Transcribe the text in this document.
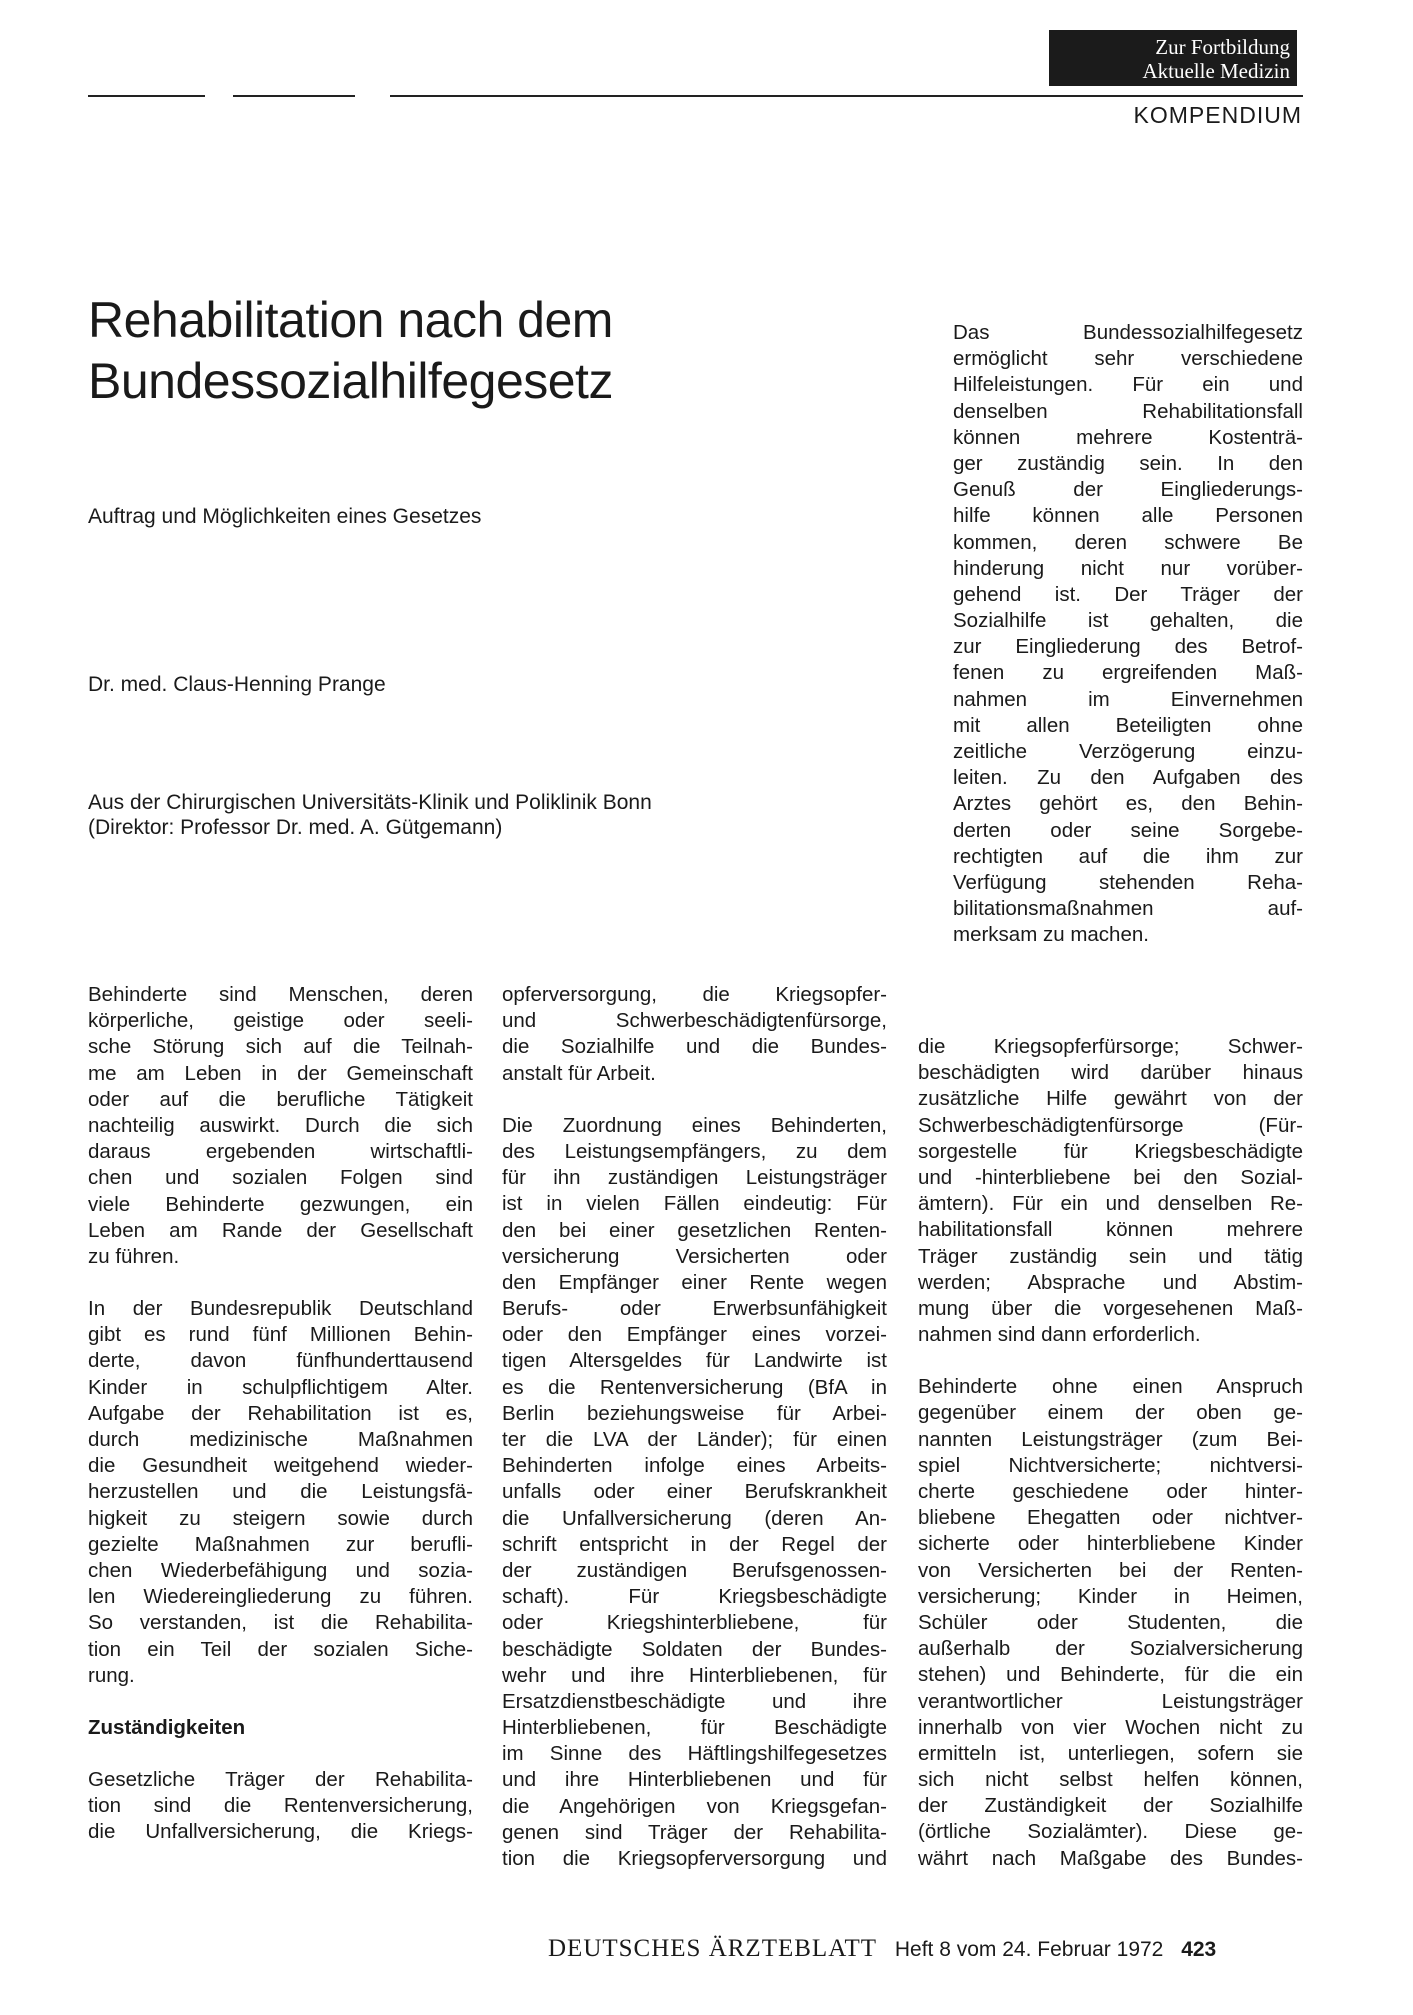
Zur Fortbildung
Aktuelle Medizin
KOMPENDIUM
Rehabilitation nach dem
Bundessozialhilfegesetz
Auftrag und Möglichkeiten eines Gesetzes
Dr. med. Claus-Henning Prange
Aus der Chirurgischen Universitäts-Klinik und Poliklinik Bonn
(Direktor: Professor Dr. med. A. Gütgemann)
Das Bundessozialhilfegesetz
ermöglicht sehr verschiedene
Hilfeleistungen. Für ein und
denselben Rehabilitationsfall
können mehrere Kostenträ-
ger zuständig sein. In den
Genuß der Eingliederungs-
hilfe können alle Personen
kommen, deren schwere Be
hinderung nicht nur vorüber-
gehend ist. Der Träger der
Sozialhilfe ist gehalten, die
zur Eingliederung des Betrof-
fenen zu ergreifenden Maß-
nahmen im Einvernehmen
mit allen Beteiligten ohne
zeitliche Verzögerung einzu-
leiten. Zu den Aufgaben des
Arztes gehört es, den Behin-
derten oder seine Sorgebe-
rechtigten auf die ihm zur
Verfügung stehenden Reha-
bilitationsmaßnahmen auf-
merksam zu machen.

Behinderte sind Menschen, deren
körperliche, geistige oder seeli-
sche Störung sich auf die Teilnah-
me am Leben in der Gemeinschaft
oder auf die berufliche Tätigkeit
nachteilig auswirkt. Durch die sich
daraus ergebenden wirtschaftli-
chen und sozialen Folgen sind
viele Behinderte gezwungen, ein
Leben am Rande der Gesellschaft
zu führen.

In der Bundesrepublik Deutschland
gibt es rund fünf Millionen Behin-
derte, davon fünfhunderttausend
Kinder in schulpflichtigem Alter.
Aufgabe der Rehabilitation ist es,
durch medizinische Maßnahmen
die Gesundheit weitgehend wieder-
herzustellen und die Leistungsfä-
higkeit zu steigern sowie durch
gezielte Maßnahmen zur berufli-
chen Wiederbefähigung und sozia-
len Wiedereingliederung zu führen.
So verstanden, ist die Rehabilita-
tion ein Teil der sozialen Siche-
rung.

Zuständigkeiten

Gesetzliche Träger der Rehabilita-
tion sind die Rentenversicherung,
die Unfallversicherung, die Kriegs-

opferversorgung, die Kriegsopfer-
und Schwerbeschädigtenfürsorge,
die Sozialhilfe und die Bundes-
anstalt für Arbeit.

Die Zuordnung eines Behinderten,
des Leistungsempfängers, zu dem
für ihn zuständigen Leistungsträger
ist in vielen Fällen eindeutig: Für
den bei einer gesetzlichen Renten-
versicherung Versicherten oder
den Empfänger einer Rente wegen
Berufs- oder Erwerbsunfähigkeit
oder den Empfänger eines vorzei-
tigen Altersgeldes für Landwirte ist
es die Rentenversicherung (BfA in
Berlin beziehungsweise für Arbei-
ter die LVA der Länder); für einen
Behinderten infolge eines Arbeits-
unfalls oder einer Berufskrankheit
die Unfallversicherung (deren An-
schrift entspricht in der Regel der
der zuständigen Berufsgenossen-
schaft). Für Kriegsbeschädigte
oder Kriegshinterbliebene, für
beschädigte Soldaten der Bundes-
wehr und ihre Hinterbliebenen, für
Ersatzdienstbeschädigte und ihre
Hinterbliebenen, für Beschädigte
im Sinne des Häftlingshilfegesetzes
und ihre Hinterbliebenen und für
die Angehörigen von Kriegsgefan-
genen sind Träger der Rehabilita-
tion die Kriegsopferversorgung und

die Kriegsopferfürsorge; Schwer-
beschädigten wird darüber hinaus
zusätzliche Hilfe gewährt von der
Schwerbeschädigtenfürsorge (Für-
sorgestelle für Kriegsbeschädigte
und -hinterbliebene bei den Sozial-
ämtern). Für ein und denselben Re-
habilitationsfall können mehrere
Träger zuständig sein und tätig
werden; Absprache und Abstim-
mung über die vorgesehenen Maß-
nahmen sind dann erforderlich.

Behinderte ohne einen Anspruch
gegenüber einem der oben ge-
nannten Leistungsträger (zum Bei-
spiel Nichtversicherte; nichtversi-
cherte geschiedene oder hinter-
bliebene Ehegatten oder nichtver-
sicherte oder hinterbliebene Kinder
von Versicherten bei der Renten-
versicherung; Kinder in Heimen,
Schüler oder Studenten, die
außerhalb der Sozialversicherung
stehen) und Behinderte, für die ein
verantwortlicher Leistungsträger
innerhalb von vier Wochen nicht zu
ermitteln ist, unterliegen, sofern sie
sich nicht selbst helfen können,
der Zuständigkeit der Sozialhilfe
(örtliche Sozialämter). Diese ge-
währt nach Maßgabe des Bundes-

DEUTSCHES ÄRZTEBLATT Heft 8 vom 24. Februar 1972 423
